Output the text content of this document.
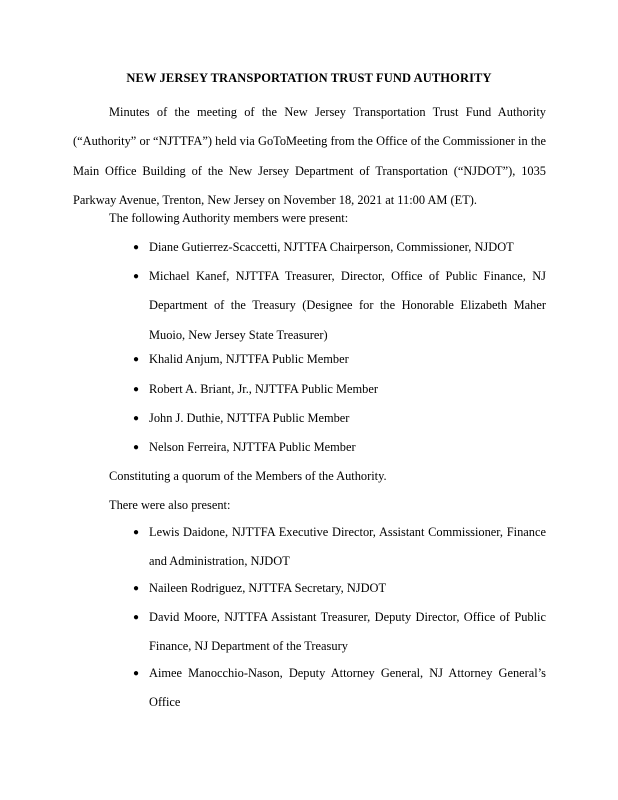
NEW JERSEY TRANSPORTATION TRUST FUND AUTHORITY

Minutes of the meeting of the New Jersey Transportation Trust Fund Authority (“Authority” or “NJTTFA”) held via GoToMeeting from the Office of the Commissioner in the Main Office Building of the New Jersey Department of Transportation (“NJDOT”), 1035 Parkway Avenue, Trenton, New Jersey on November 18, 2021 at 11:00 AM (ET).

The following Authority members were present:
● Diane Gutierrez-Scaccetti, NJTTFA Chairperson, Commissioner, NJDOT
● Michael Kanef, NJTTFA Treasurer, Director, Office of Public Finance, NJ Department of the Treasury (Designee for the Honorable Elizabeth Maher Muoio, New Jersey State Treasurer)
● Khalid Anjum, NJTTFA Public Member
● Robert A. Briant, Jr., NJTTFA Public Member
● John J. Duthie, NJTTFA Public Member
● Nelson Ferreira, NJTTFA Public Member
Constituting a quorum of the Members of the Authority.
There were also present:
● Lewis Daidone, NJTTFA Executive Director, Assistant Commissioner, Finance and Administration, NJDOT
● Naileen Rodriguez, NJTTFA Secretary, NJDOT
● David Moore, NJTTFA Assistant Treasurer, Deputy Director, Office of Public Finance, NJ Department of the Treasury
● Aimee Manocchio-Nason, Deputy Attorney General, NJ Attorney General’s Office
